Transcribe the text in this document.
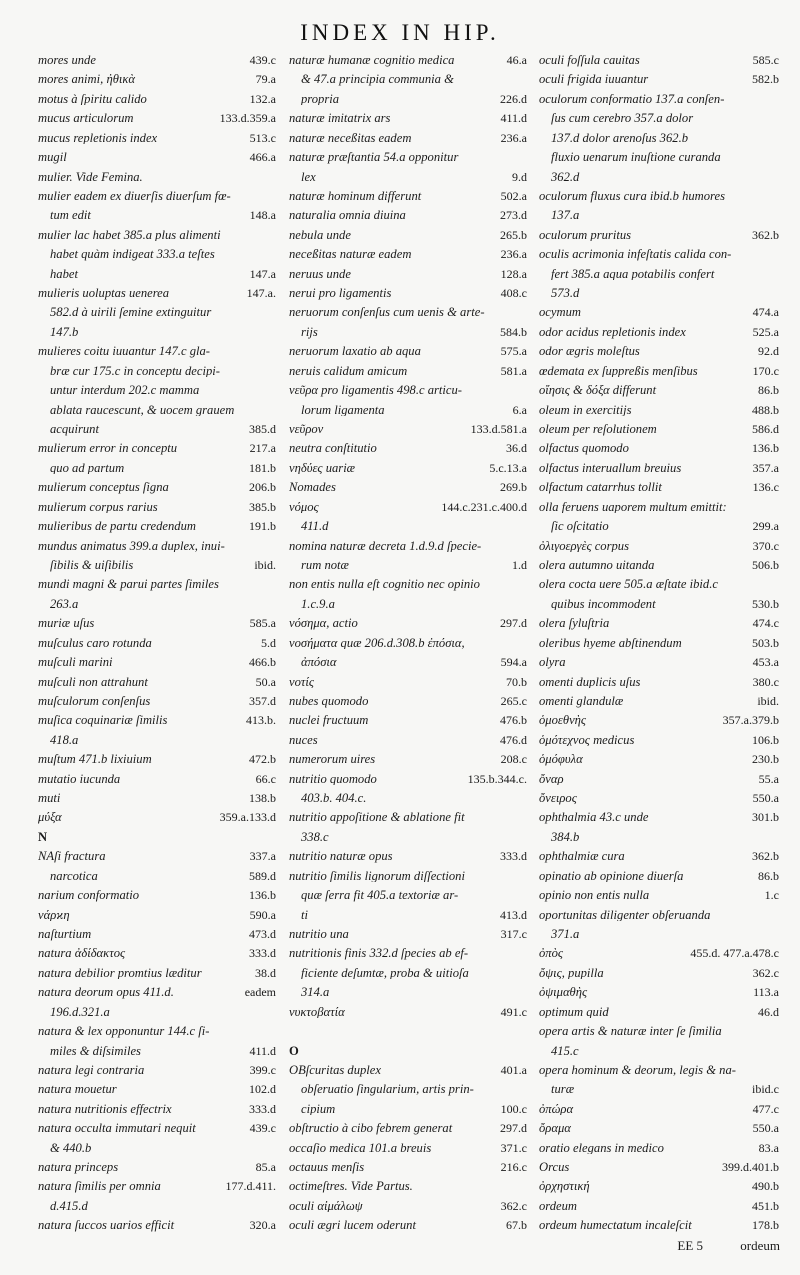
INDEX IN HIP.
mores unde	439.c
mores animi, ἠθικὰ	79.a
motus à ſpiritu calido	132.a
mucus articulorum	133.d.359.a
mucus repletionis index	513.c
mugil	466.a
mulier. Vide Femina.
mulier eadem ex diuerſis diuerſum fœ-
tum edit	148.a
mulier lac habet 385.a plus alimenti
habet quàm indigeat 333.a teſtes
habet	147.a
mulieris uoluptas uenerea	147.a.
582.d à uirili ſemine extinguitur
147.b
mulieres coitu iuuantur 147.c gla-
bræ cur 175.c in conceptu decipi-
untur interdum 202.c mamma
ablata raucescunt, & uocem grauem
acquirunt	385.d
mulierum error in conceptu	217.a
quo ad partum	181.b
mulierum conceptus ſigna	206.b
mulierum corpus rarius	385.b
mulieribus de partu credendum	191.b
mundus animatus 399.a duplex, inui-
ſibilis & uiſibilis	ibid.
mundi magni & parui partes ſimiles
263.a
muriæ uſus	585.a
muſculus caro rotunda	5.d
muſculi marini	466.b
muſculi non attrahunt	50.a
muſculorum conſenſus	357.d
muſica coquinariæ ſimilis	413.b.
418.a
muſtum 471.b lixiuium	472.b
mutatio iucunda	66.c
muti	138.b
μύξα	359.a.133.d
N
NAſi fractura	337.a
narcotica	589.d
narium conformatio	136.b
νάρϰη	590.a
naſturtium	473.d
natura ἀδίδακτος	333.d
natura debilior promtius læditur	38.d
natura deorum opus 411.d.	eadem
196.d.321.a
natura & lex opponuntur 144.c ſi-
miles & diſsimiles	411.d
natura legi contraria	399.c
natura mouetur	102.d
natura nutritionis effectrix	333.d
natura occulta immutari nequit	439.c
& 440.b
natura princeps	85.a
natura ſimilis per omnia	177.d.411.
d.415.d
natura ſuccos uarios efficit	320.a
naturæ humanæ cognitio medica	46.a
& 47.a principia communia &
propria	226.d
naturæ imitatrix ars	411.d
naturæ neceßitas eadem	236.a
naturæ præſtantia 54.a opponitur
lex	9.d
naturæ hominum differunt	502.a
naturalia omnia diuina	273.d
nebula unde	265.b
neceßitas naturæ eadem	236.a
neruus unde	128.a
nerui pro ligamentis	408.c
neruorum conſenſus cum uenis & arte-
rijs	584.b
neruorum laxatio ab aqua	575.a
neruis calidum amicum	581.a
νεῦρα pro ligamentis 498.c articu-
lorum ligamenta	6.a
νεῦρον	133.d.581.a
neutra conſtitutio	36.d
νηδύες uariæ	5.c.13.a
Nomades	269.b
νόμος	144.c.231.c.400.d
411.d
nomina naturæ decreta 1.d.9.d ſpecie-
rum notæ	1.d
non entis nulla eſt cognitio nec opinio
1.c.9.a
νόσημα, actio	297.d
νοσήματα quæ 206.d.308.b ἐπόσια,
ἀπόσια	594.a
νοτίς	70.b
nubes quomodo	265.c
nuclei fructuum	476.b
nuces	476.d
numerorum uires	208.c
nutritio quomodo	135.b.344.c.
403.b. 404.c.
nutritio appoſitione & ablatione fit
338.c
nutritio naturæ opus	333.d
nutritio ſimilis lignorum diſſectioni
quæ ſerra fit 405.a textoriæ ar-
ti	413.d
nutritio una	317.c
nutritionis finis 332.d ſpecies ab ef-
ficiente deſumtæ, proba & uitioſa
314.a
νυκτοβατία	491.c
O
OBſcuritas duplex	401.a
obſeruatio ſingularium, artis prin-
cipium	100.c
obſtructio à cibo febrem generat	297.d
occaſio medica 101.a breuis	371.c
octauus menſis	216.c
octimeſtres. Vide Partus.
oculi αἰμάλωψ	362.c
oculi ægri lucem oderunt	67.b
oculi foſſula cauitas	585.c
oculi frigida iuuantur	582.b
oculorum conformatio 137.a conſen-
ſus cum cerebro 357.a dolor
137.d dolor arenoſus 362.b
fluxio uenarum inuſtione curanda
362.d
oculorum fluxus cura ibid.b humores
137.a
oculorum pruritus	362.b
oculis acrimonia infeſtatis calida con-
fert 385.a aqua potabilis confert
573.d
ocymum	474.a
odor acidus repletionis index	525.a
odor ægris moleſtus	92.d
œdemata ex ſuppreßis menſibus	170.c
οἴησις & δόξα differunt	86.b
oleum in exercitijs	488.b
oleum per reſolutionem	586.d
olfactus quomodo	136.b
olfactus interuallum breuius	357.a
olfactum catarrhus tollit	136.c
olla feruens uaporem multum emittit:
ſic oſcitatio	299.a
ὀλιγοεργὲς corpus	370.c
olera autumno uitanda	506.b
olera cocta uere 505.a æſtate ibid.c
quibus incommodent	530.b
olera ſyluſtria	474.c
oleribus hyeme abſtinendum	503.b
olyra	453.a
omenti duplicis uſus	380.c
omenti glandulæ	ibid.
ὁμοεθνὴς	357.a.379.b
ὁμότεχνος medicus	106.b
ὁμόφυλα	230.b
ὄναρ	55.a
ὄνειρος	550.a
ophthalmia 43.c unde	301.b
384.b
ophthalmiæ cura	362.b
opinatio ab opinione diuerſa	86.b
opinio non entis nulla	1.c
oportunitas diligenter obſeruanda
371.a
ὀπὸς	455.d. 477.a.478.c
ὄψις, pupilla	362.c
ὀψιμαθὴς	113.a
optimum quid	46.d
opera artis & naturæ inter ſe ſimilia
415.c
opera hominum & deorum, legis & na-
turæ	ibid.c
ὀπώρα	477.c
ὄραμα	550.a
oratio elegans in medico	83.a
Orcus	399.d.401.b
ὀρχηστική	490.b
ordeum	451.b
ordeum humectatum incaleſcit	178.b
EE 5	ordeum
